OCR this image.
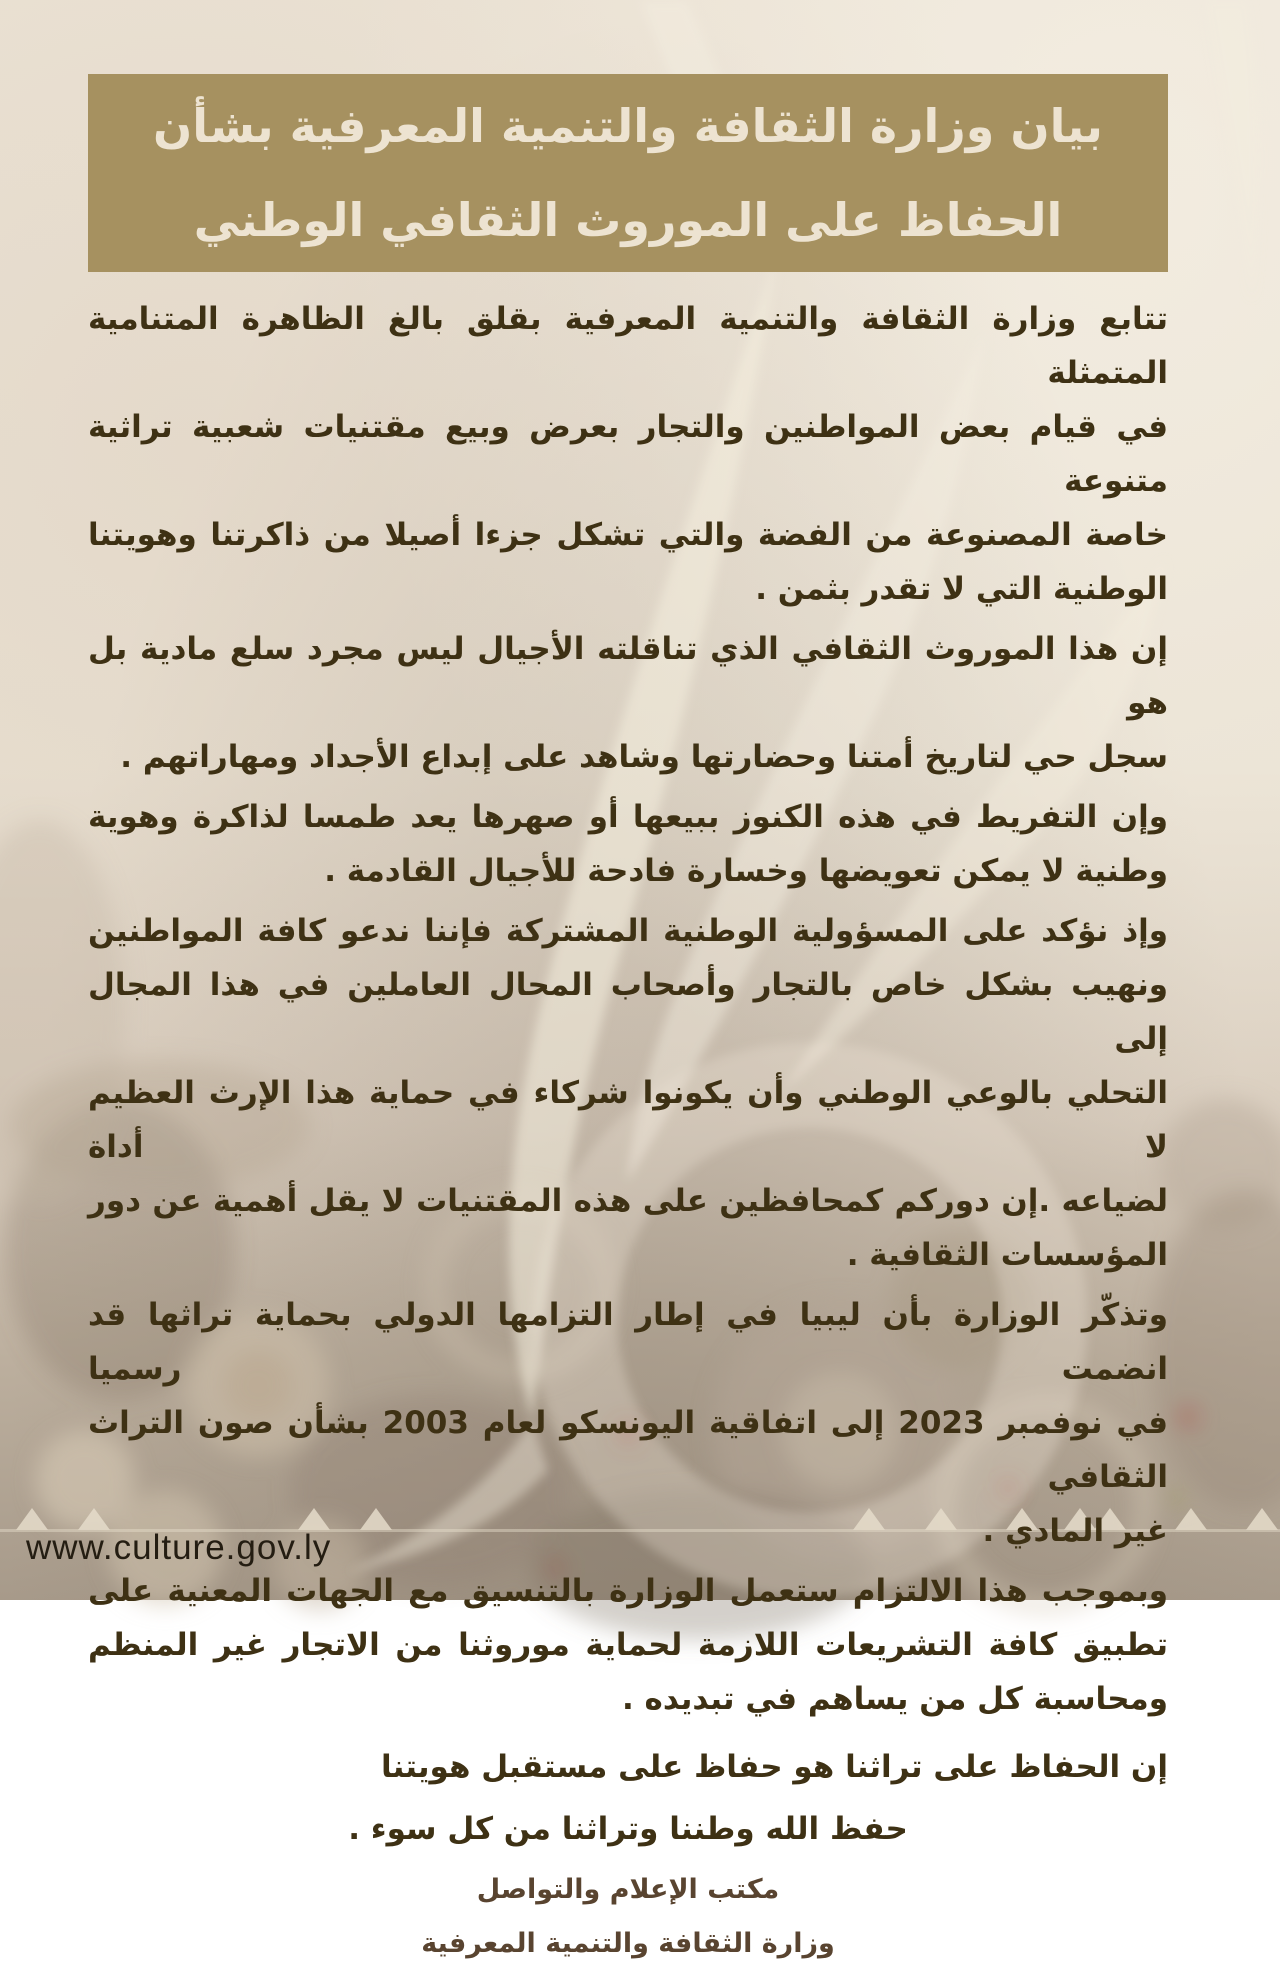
بيان وزارة الثقافة والتنمية المعرفية بشأن
الحفاظ على الموروث الثقافي الوطني
تتابع وزارة الثقافة والتنمية المعرفية بقلق بالغ الظاهرة المتنامية المتمثلة
في قيام بعض المواطنين والتجار بعرض وبيع مقتنيات شعبية تراثية متنوعة
خاصة المصنوعة من الفضة والتي تشكل جزءا أصيلا من ذاكرتنا وهويتنا
الوطنية التي لا تقدر بثمن .
إن هذا الموروث الثقافي الذي تناقلته الأجيال ليس مجرد سلع مادية بل هو
سجل حي لتاريخ أمتنا وحضارتها وشاهد على إبداع الأجداد ومهاراتهم .
وإن التفريط في هذه الكنوز ببيعها أو صهرها يعد طمسا لذاكرة وهوية
وطنية لا يمكن تعويضها وخسارة فادحة للأجيال القادمة .
وإذ نؤكد على المسؤولية الوطنية المشتركة فإننا ندعو كافة المواطنين
ونهيب بشكل خاص بالتجار وأصحاب المحال العاملين في هذا المجال إلى
التحلي بالوعي الوطني وأن يكونوا شركاء في حماية هذا الإرث العظيم لا أداة
لضياعه .إن دوركم كمحافظين على هذه المقتنيات لا يقل أهمية عن دور
المؤسسات الثقافية .
وتذكّر الوزارة بأن ليبيا في إطار التزامها الدولي بحماية تراثها قد انضمت رسميا
في نوفمبر 2023 إلى اتفاقية اليونسكو لعام 2003 بشأن صون التراث الثقافي
غير المادي .
وبموجب هذا الالتزام ستعمل الوزارة بالتنسيق مع الجهات المعنية على
تطبيق كافة التشريعات اللازمة لحماية موروثنا من الاتجار غير المنظم
ومحاسبة كل من يساهم في تبديده .
إن الحفاظ على تراثنا هو حفاظ على مستقبل هويتنا
حفظ الله وطننا وتراثنا من كل سوء .
مكتب الإعلام والتواصل
وزارة الثقافة والتنمية المعرفية
www.culture.gov.ly
